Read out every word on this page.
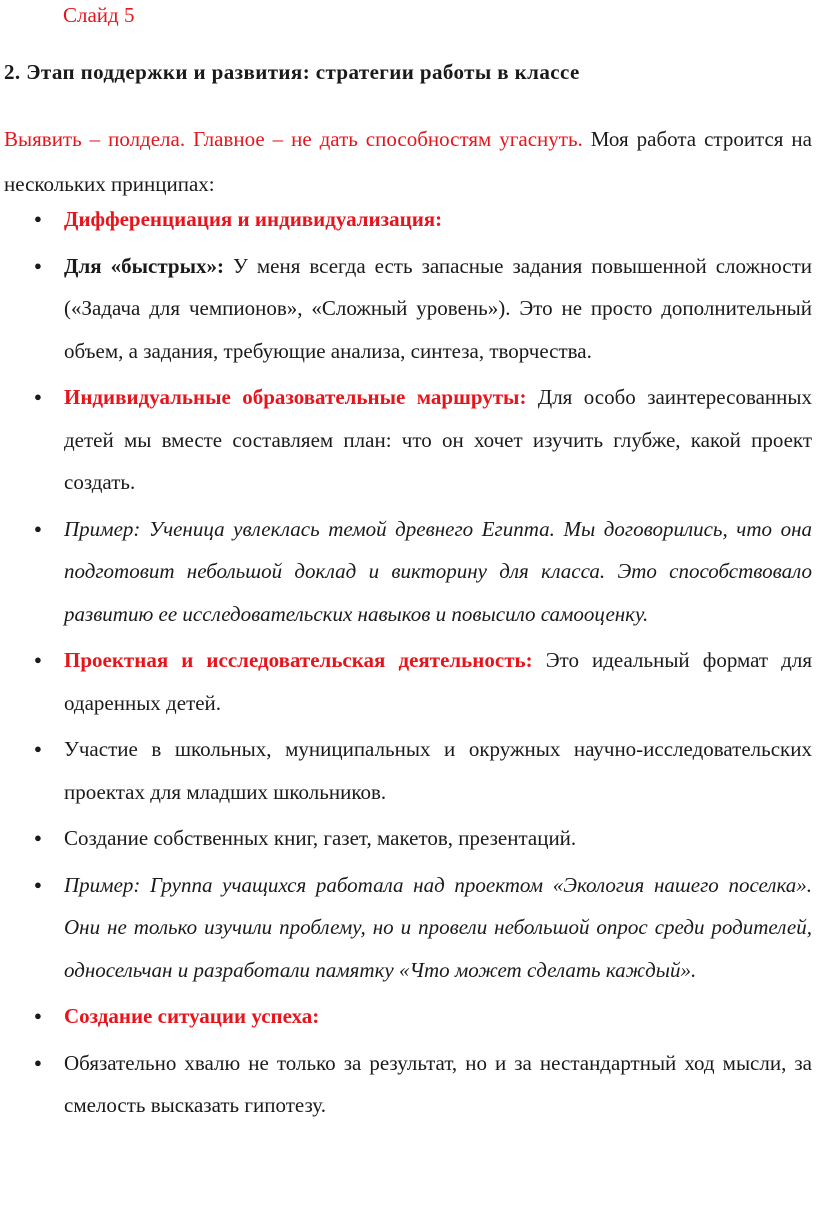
Слайд 5
2. Этап поддержки и развития: стратегии работы в классе
Выявить – полдела. Главное – не дать способностям угаснуть. Моя работа строится на нескольких принципах:
● Дифференциация и индивидуализация:
● Для «быстрых»: У меня всегда есть запасные задания повышенной сложности («Задача для чемпионов», «Сложный уровень»). Это не просто дополнительный объем, а задания, требующие анализа, синтеза, творчества.
● Индивидуальные образовательные маршруты: Для особо заинтересованных детей мы вместе составляем план: что он хочет изучить глубже, какой проект создать.
● Пример: Ученица увлеклась темой древнего Египта. Мы договорились, что она подготовит небольшой доклад и викторину для класса. Это способствовало развитию ее исследовательских навыков и повысило самооценку.
● Проектная и исследовательская деятельность: Это идеальный формат для одаренных детей.
● Участие в школьных, муниципальных и окружных научно-исследовательских проектах для младших школьников.
● Создание собственных книг, газет, макетов, презентаций.
● Пример: Группа учащихся работала над проектом «Экология нашего поселка». Они не только изучили проблему, но и провели небольшой опрос среди родителей, односельчан и разработали памятку «Что может сделать каждый».
● Создание ситуации успеха:
● Обязательно хвалю не только за результат, но и за нестандартный ход мысли, за смелость высказать гипотезу.
